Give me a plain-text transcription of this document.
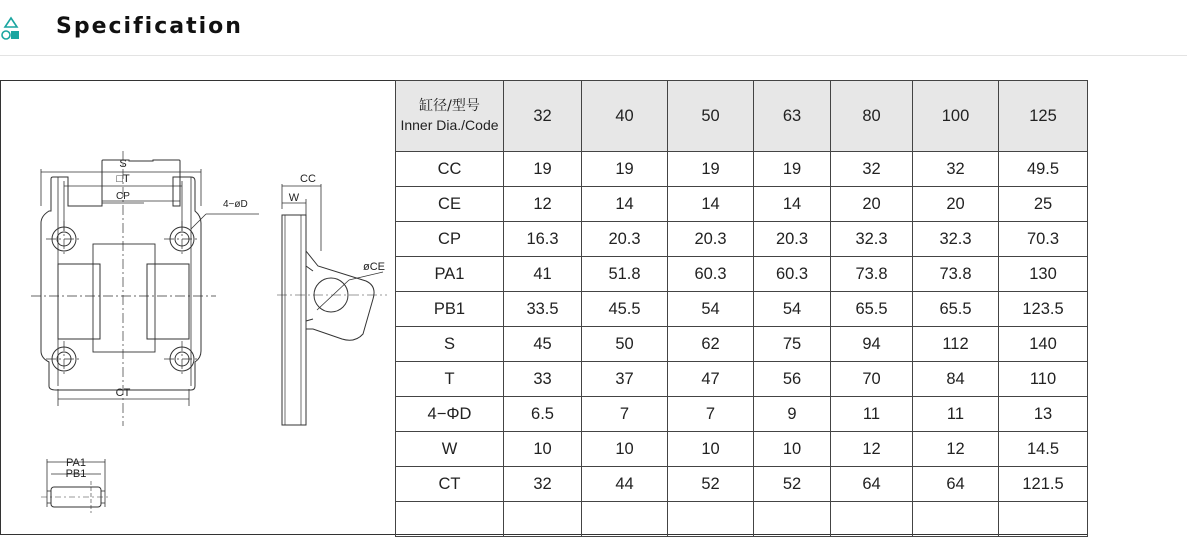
Specification
S
□T
CP
4−øD
CT
CC
W
øCE
PA1
PB1
缸径/型号
Inner Dia./Code	32	40	50	63	80	100	125
CC	19	19	19	19	32	32	49.5
CE	12	14	14	14	20	20	25
CP	16.3	20.3	20.3	20.3	32.3	32.3	70.3
PA1	41	51.8	60.3	60.3	73.8	73.8	130
PB1	33.5	45.5	54	54	65.5	65.5	123.5
S	45	50	62	75	94	112	140
T	33	37	47	56	70	84	110
4−ΦD	6.5	7	7	9	11	11	13
W	10	10	10	10	12	12	14.5
CT	32	44	52	52	64	64	121.5
